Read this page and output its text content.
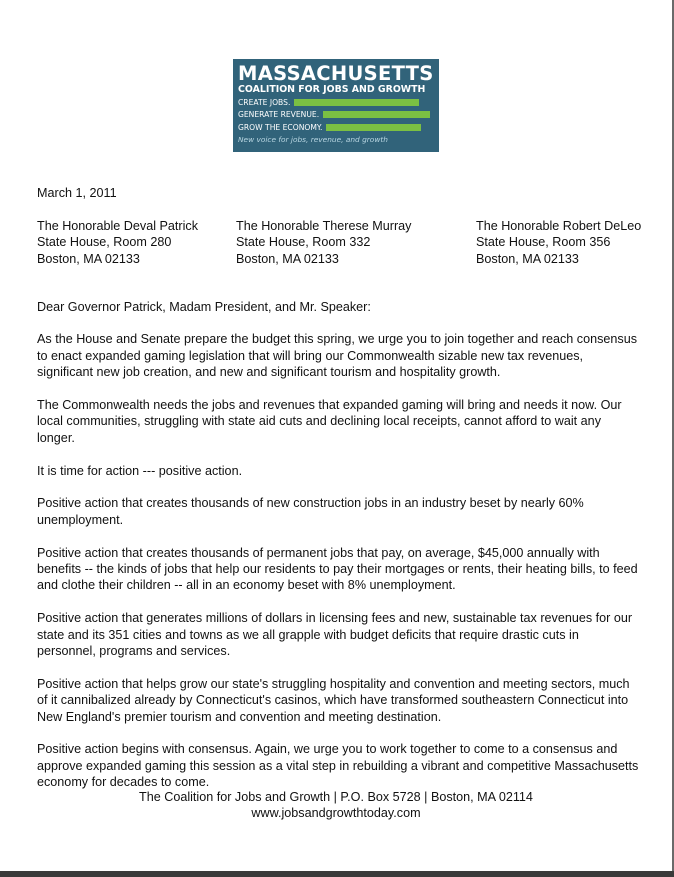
MASSACHUSETTS
COALITION FOR JOBS AND GROWTH
CREATE JOBS.
GENERATE REVENUE.
GROW THE ECONOMY.
New voice for jobs, revenue, and growth
March 1, 2011
The Honorable Deval Patrick
State House, Room 280
Boston, MA 02133
The Honorable Therese Murray
State House, Room 332
Boston, MA 02133
The Honorable Robert DeLeo
State House, Room 356
Boston, MA 02133

Dear Governor Patrick, Madam President, and Mr. Speaker:

As the House and Senate prepare the budget this spring, we urge you to join together and reach consensus to enact expanded gaming legislation that will bring our Commonwealth sizable new tax revenues, significant new job creation, and new and significant tourism and hospitality growth.

The Commonwealth needs the jobs and revenues that expanded gaming will bring and needs it now. Our local communities, struggling with state aid cuts and declining local receipts, cannot afford to wait any longer.

It is time for action --- positive action.

Positive action that creates thousands of new construction jobs in an industry beset by nearly 60% unemployment.

Positive action that creates thousands of permanent jobs that pay, on average, $45,000 annually with benefits -- the kinds of jobs that help our residents to pay their mortgages or rents, their heating bills, to feed and clothe their children -- all in an economy beset with 8% unemployment.

Positive action that generates millions of dollars in licensing fees and new, sustainable tax revenues for our state and its 351 cities and towns as we all grapple with budget deficits that require drastic cuts in personnel, programs and services.

Positive action that helps grow our state's struggling hospitality and convention and meeting sectors, much of it cannibalized already by Connecticut's casinos, which have transformed southeastern Connecticut into New England's premier tourism and convention and meeting destination.

Positive action begins with consensus. Again, we urge you to work together to come to a consensus and approve expanded gaming this session as a vital step in rebuilding a vibrant and competitive Massachusetts economy for decades to come.

The Coalition for Jobs and Growth | P.O. Box 5728 | Boston, MA 02114
www.jobsandgrowthtoday.com
